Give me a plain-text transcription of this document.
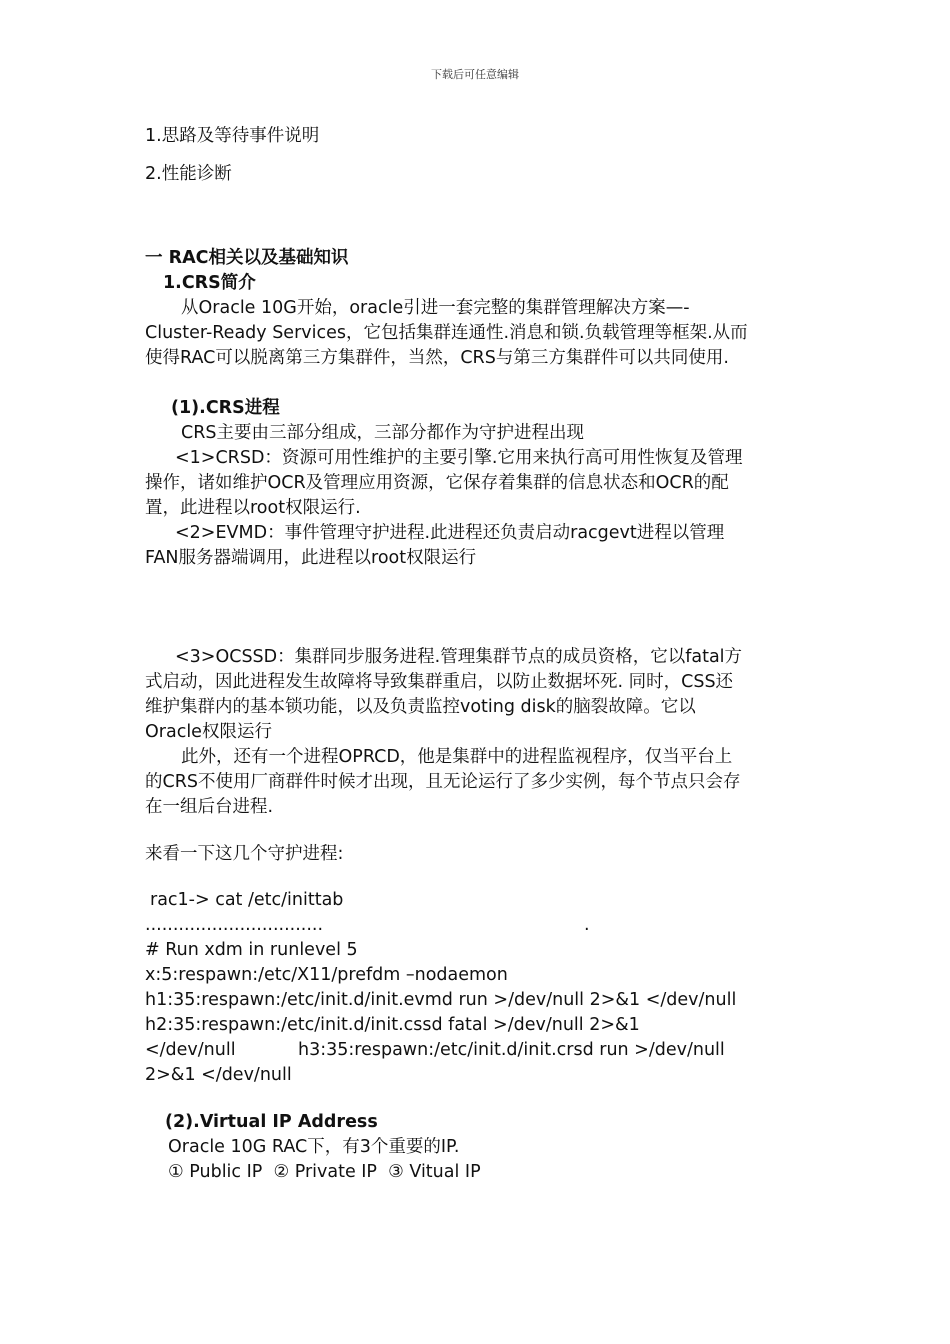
下载后可任意编辑
1.思路及等待事件说明
2.性能诊断
一 RAC相关以及基础知识
1.CRS简介
从Oracle 10G开始，oracle引进一套完整的集群管理解决方案—-
Cluster-Ready Services，它包括集群连通性.消息和锁.负载管理等框架.从而
使得RAC可以脱离第三方集群件，当然，CRS与第三方集群件可以共同使用.
(1).CRS进程
CRS主要由三部分组成，三部分都作为守护进程出现
<1>CRSD：资源可用性维护的主要引擎.它用来执行高可用性恢复及管理
操作，诸如维护OCR及管理应用资源，它保存着集群的信息状态和OCR的配
置，此进程以root权限运行.
<2>EVMD：事件管理守护进程.此进程还负责启动racgevt进程以管理
FAN服务器端调用，此进程以root权限运行
<3>OCSSD：集群同步服务进程.管理集群节点的成员资格，它以fatal方
式启动，因此进程发生故障将导致集群重启，以防止数据坏死. 同时，CSS还
维护集群内的基本锁功能，以及负责监控voting disk的脑裂故障。它以
Oracle权限运行
此外，还有一个进程OPRCD，他是集群中的进程监视程序，仅当平台上
的CRS不使用厂商群件时候才出现，且无论运行了多少实例，每个节点只会存
在一组后台进程.
来看一下这几个守护进程:
rac1-> cat /etc/inittab
................................	.
# Run xdm in runlevel 5
x:5:respawn:/etc/X11/prefdm –nodaemon
h1:35:respawn:/etc/init.d/init.evmd run >/dev/null 2>&1 </dev/null
h2:35:respawn:/etc/init.d/init.cssd fatal >/dev/null 2>&1
</dev/null	h3:35:respawn:/etc/init.d/init.crsd run >/dev/null
2>&1 </dev/null
(2).Virtual IP Address
Oracle 10G RAC下，有3个重要的IP.
① Public IP  ② Private IP  ③ Vitual IP
